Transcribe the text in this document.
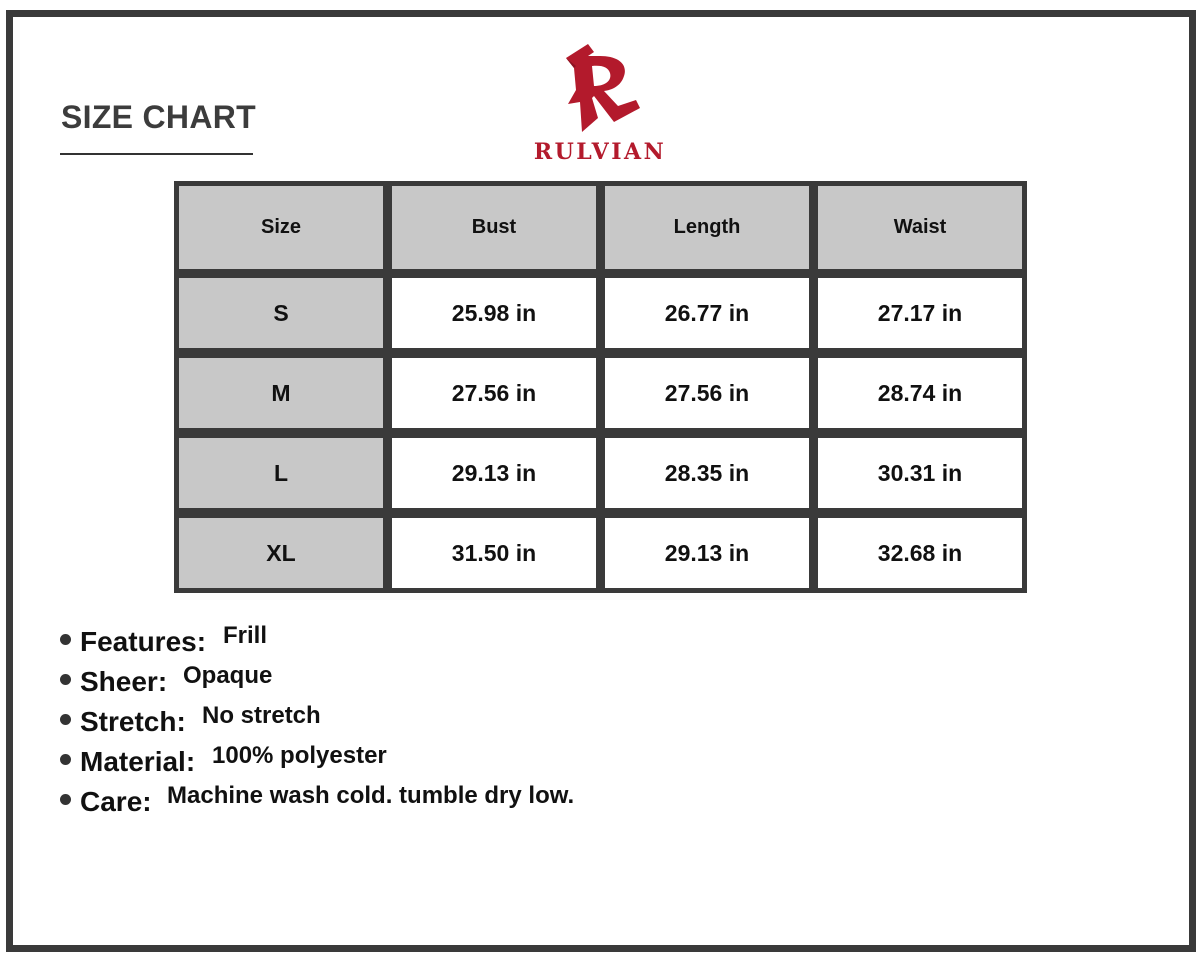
SIZE CHART
RULVIAN
Size	Bust	Length	Waist
S	25.98 in	26.77 in	27.17 in
M	27.56 in	27.56 in	28.74 in
L	29.13 in	28.35 in	30.31 in
XL	31.50 in	29.13 in	32.68 in
Features: Frill
Sheer: Opaque
Stretch: No stretch
Material: 100% polyester
Care: Machine wash cold. tumble dry low.
